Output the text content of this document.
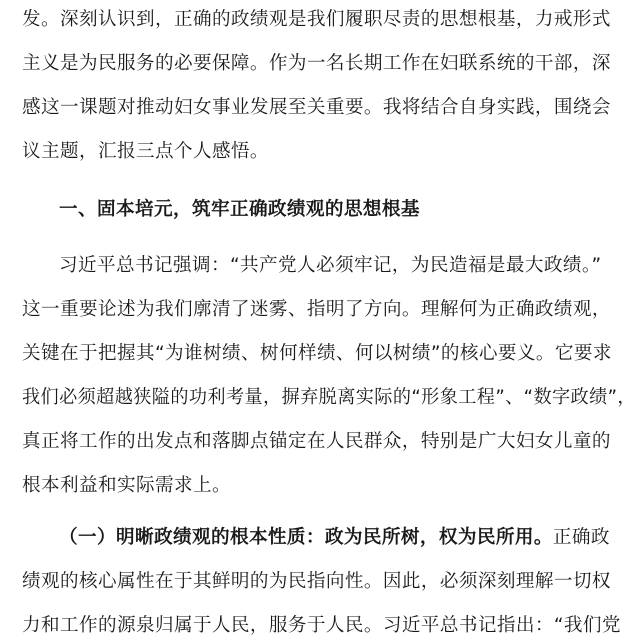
发。深刻认识到，正确的政绩观是我们履职尽责的思想根基，力戒形式
主义是为民服务的必要保障。作为一名长期工作在妇联系统的干部，深
感这一课题对推动妇女事业发展至关重要。我将结合自身实践，围绕会
议主题，汇报三点个人感悟。
一、固本培元，筑牢正确政绩观的思想根基
习近平总书记强调：“共产党人必须牢记，为民造福是最大政绩。”
这一重要论述为我们廓清了迷雾、指明了方向。理解何为正确政绩观，
关键在于把握其“为谁树绩、树何样绩、何以树绩”的核心要义。它要求
我们必须超越狭隘的功利考量，摒弃脱离实际的“形象工程”、“数字政绩”，
真正将工作的出发点和落脚点锚定在人民群众，特别是广大妇女儿童的
根本利益和实际需求上。
（一）明晰政绩观的根本性质：政为民所树，权为民所用。正确政
绩观的核心属性在于其鲜明的为民指向性。因此，必须深刻理解一切权
力和工作的源泉归属于人民，服务于人民。习近平总书记指出：“我们党
